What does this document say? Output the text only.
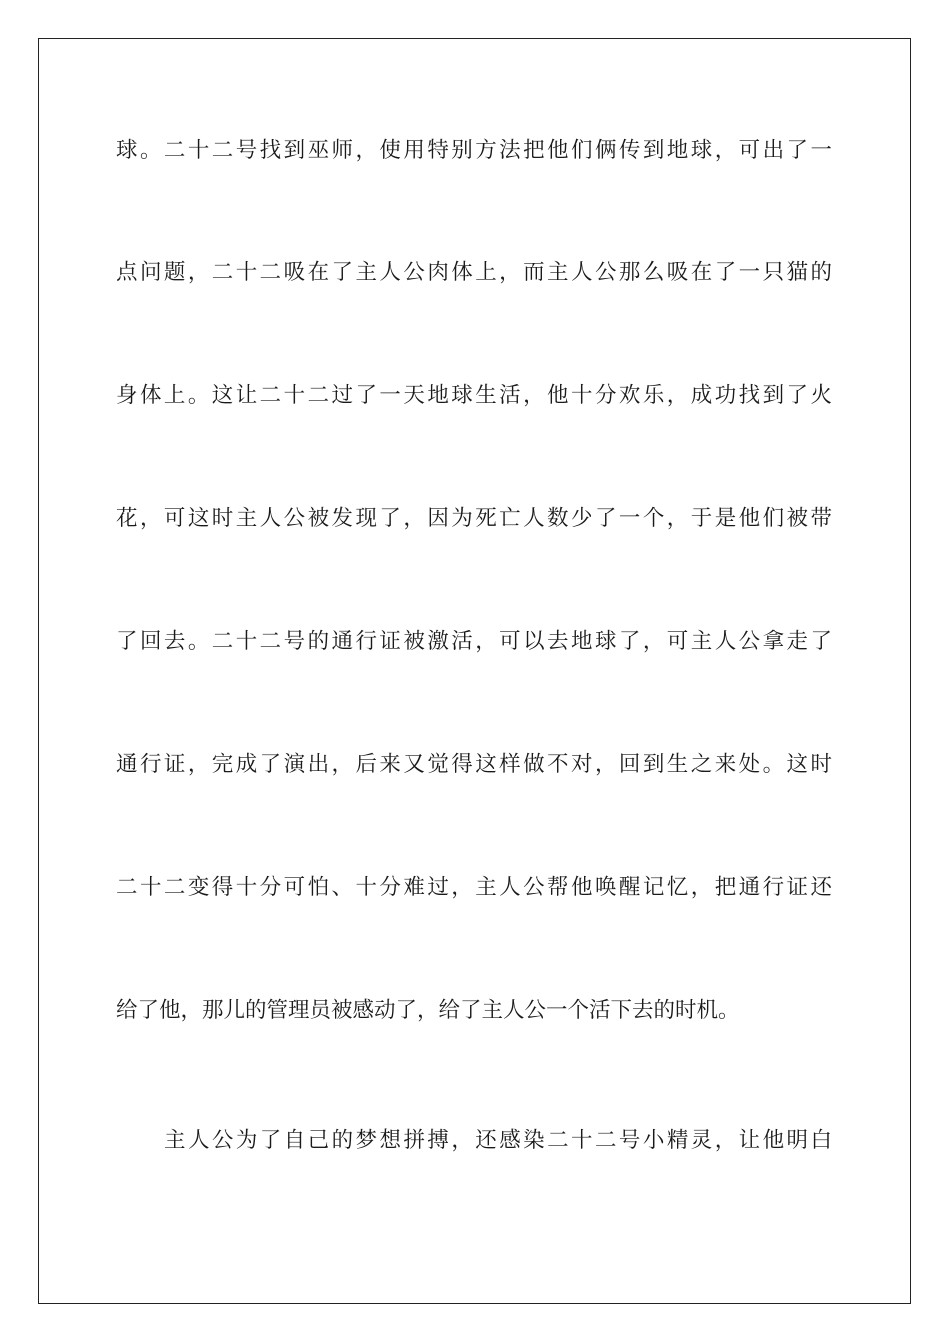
球。二十二号找到巫师，使用特别方法把他们俩传到地球，可出了一
点问题，二十二吸在了主人公肉体上，而主人公那么吸在了一只猫的
身体上。这让二十二过了一天地球生活，他十分欢乐，成功找到了火
花，可这时主人公被发现了，因为死亡人数少了一个，于是他们被带
了回去。二十二号的通行证被激活，可以去地球了，可主人公拿走了
通行证，完成了演出，后来又觉得这样做不对，回到生之来处。这时
二十二变得十分可怕、十分难过，主人公帮他唤醒记忆，把通行证还
给了他，那儿的管理员被感动了，给了主人公一个活下去的时机。
主人公为了自己的梦想拼搏，还感染二十二号小精灵，让他明白
